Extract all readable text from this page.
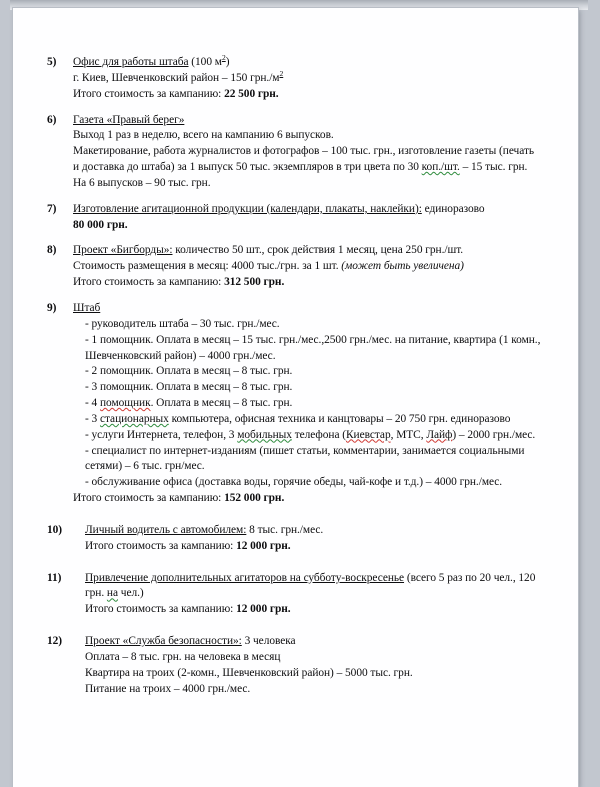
5) Офис для работы штаба (100 $м^2$)
г. Киев, Шевченковский район – 150 $грн./м^2$
Итого стоимость за кампанию: 22 500 грн.
6) Газета «Правый берег»
Выход 1 раз в неделю, всего на кампанию 6 выпусков.
Макетирование, работа журналистов и фотографов – 100 тыс. грн., изготовление газеты (печать и доставка до штаба) за 1 выпуск 50 тыс. экземпляров в три цвета по 30 коп./шт. – 15 тыс. грн. На 6 выпусков – 90 тыс. грн.
7) Изготовление агитационной продукции (календари, плакаты, наклейки): единоразово
80 000 грн.
8) Проект «Бигборды»: количество 50 шт., срок действия 1 месяц, цена 250 грн./шт.
Стоимость размещения в месяц: 4000 тыс./грн. за 1 шт. (может быть увеличена)
Итого стоимость за кампанию: 312 500 грн.
9) Штаб
- руководитель штаба – 30 тыс. грн./мес.
- 1 помощник. Оплата в месяц – 15 тыс. грн./мес.,2500 грн./мес. на питание, квартира (1 комн., Шевченковский район) – 4000 грн./мес.
- 2 помощник. Оплата в месяц – 8 тыс. грн.
- 3 помощник. Оплата в месяц – 8 тыс. грн.
- 4 помощник. Оплата в месяц – 8 тыс. грн.
- 3 стационарных компьютера, офисная техника и канцтовары – 20 750 грн. единоразово
- услуги Интернета, телефон, 3 мобильных телефона (Киевстар, МТС, Лайф) – 2000 грн./мес.
- специалист по интернет-изданиям (пишет статьи, комментарии, занимается социальными сетями) – 6 тыс. грн/мес.
- обслуживание офиса (доставка воды, горячие обеды, чай-кофе и т.д.) – 4000 грн./мес.
Итого стоимость за кампанию: 152 000 грн.
10) Личный водитель с автомобилем: 8 тыс. грн./мес.
Итого стоимость за кампанию: 12 000 грн.
11) Привлечение дополнительных агитаторов на субботу-воскресенье (всего 5 раз по 20 чел., 120 грн. на чел.)
Итого стоимость за кампанию: 12 000 грн.
12) Проект «Служба безопасности»: 3 человека
Оплата – 8 тыс. грн. на человека в месяц
Квартира на троих (2-комн., Шевченковский район) – 5000 тыс. грн.
Питание на троих – 4000 грн./мес.
